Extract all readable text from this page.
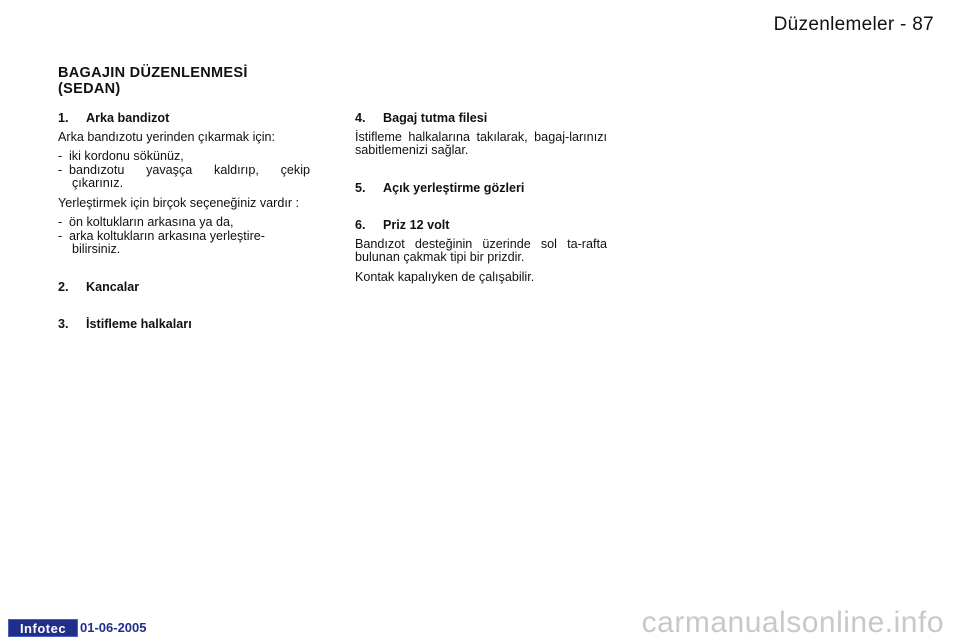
Düzenlemeler - 87
BAGAJIN DÜZENLENMESİ
(SEDAN)
1. Arka bandizot

Arka bandızotu yerinden çıkarmak için:

- iki kordonu sökünüz,
- bandızotu yavaşça kaldırıp, çekip
çıkarınız.

Yerleştirmek için birçok seçeneğiniz vardır :

- ön koltukların arkasına ya da,
- arka koltukların arkasına yerleştire-
bilirsiniz.
2. Kancalar
3. İstifleme halkaları
4. Bagaj tutma filesi

İstifleme halkalarına takılarak, bagaj-larınızı sabitlemenizi sağlar.

5. Açık yerleştirme gözleri
6. Priz 12 volt

Bandızot desteğinin üzerinde sol ta-rafta bulunan çakmak tipi bir prizdir.

Kontak kapalıyken de çalışabilir.

Infotec	01-06-2005	carmanualsonline.info
